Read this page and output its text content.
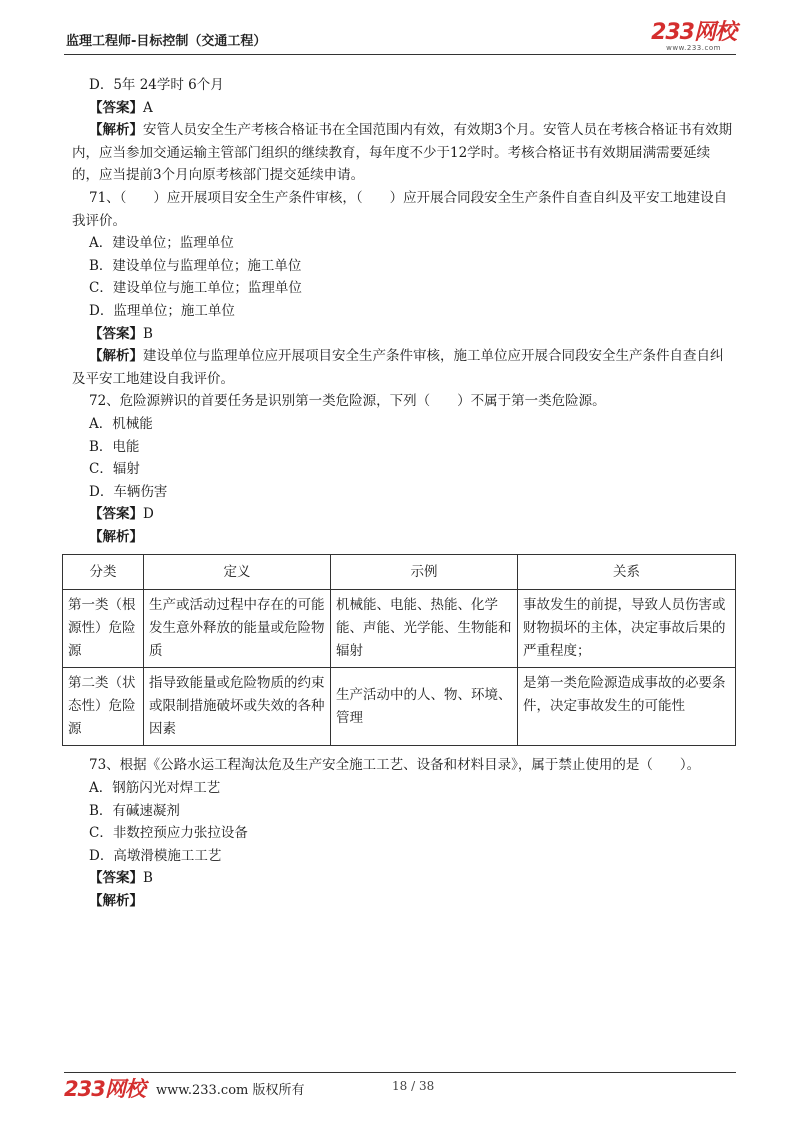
监理工程师-目标控制（交通工程）	233网校
www.233.com

D．5年 24学时 6个月

【答案】A

【解析】安管人员安全生产考核合格证书在全国范围内有效，有效期3个月。安管人员在考核合格证书有效期内，应当参加交通运输主管部门组织的继续教育，每年度不少于12学时。考核合格证书有效期届满需要延续的，应当提前3个月向原考核部门提交延续申请。

71、（　　）应开展项目安全生产条件审核，（　　）应开展合同段安全生产条件自查自纠及平安工地建设自我评价。

A．建设单位；监理单位

B．建设单位与监理单位；施工单位

C．建设单位与施工单位；监理单位

D．监理单位；施工单位

【答案】B

【解析】建设单位与监理单位应开展项目安全生产条件审核，施工单位应开展合同段安全生产条件自查自纠及平安工地建设自我评价。

72、危险源辨识的首要任务是识别第一类危险源，下列（　　）不属于第一类危险源。

A．机械能

B．电能

C．辐射

D．车辆伤害

【答案】D

【解析】

分类	定义	示例	关系
第一类（根源性）危险源	生产或活动过程中存在的可能发生意外释放的能量或危险物质	机械能、电能、热能、化学能、声能、光学能、生物能和辐射	事故发生的前提，导致人员伤害或财物损坏的主体，决定事故后果的严重程度；
第二类（状态性）危险源	指导致能量或危险物质的约束或限制措施破坏或失效的各种因素	生产活动中的人、物、环境、管理	是第一类危险源造成事故的必要条件，决定事故发生的可能性

73、根据《公路水运工程淘汰危及生产安全施工工艺、设备和材料目录》，属于禁止使用的是（　　）。

A．钢筋闪光对焊工艺

B．有碱速凝剂

C．非数控预应力张拉设备

D．高墩滑模施工工艺

【答案】B

【解析】

233网校 www.233.com 版权所有	18 / 38
